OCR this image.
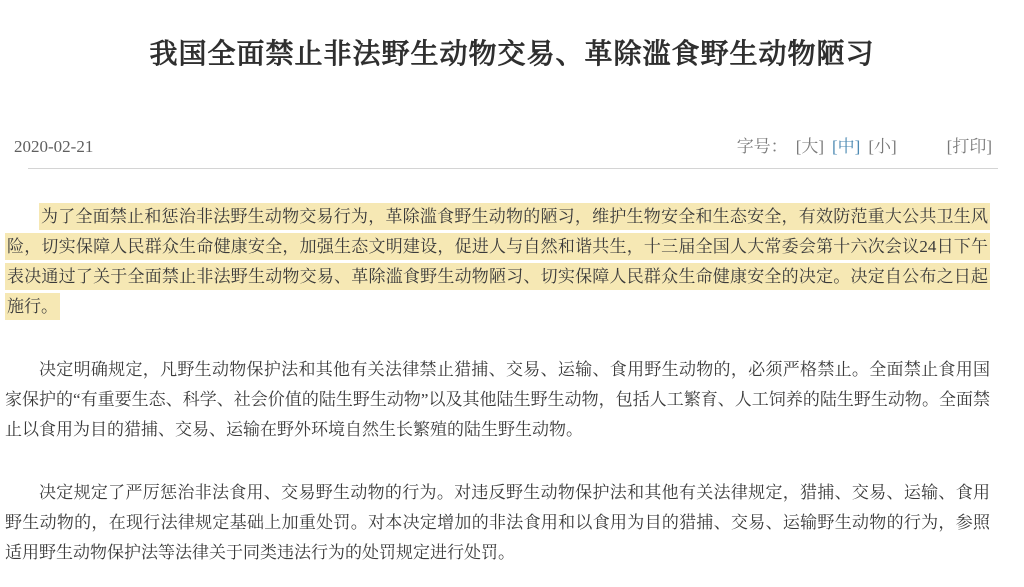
我国全面禁止非法野生动物交易、革除滥食野生动物陋习
2020-02-21	字号： [大] [中] [小]	[打印]

为了全面禁止和惩治非法野生动物交易行为，革除滥食野生动物的陋习，维护生物安全和生态安全，有效防范重大公共卫生风险，切实保障人民群众生命健康安全，加强生态文明建设，促进人与自然和谐共生，十三届全国人大常委会第十六次会议24日下午表决通过了关于全面禁止非法野生动物交易、革除滥食野生动物陋习、切实保障人民群众生命健康安全的决定。决定自公布之日起施行。

决定明确规定，凡野生动物保护法和其他有关法律禁止猎捕、交易、运输、食用野生动物的，必须严格禁止。全面禁止食用国家保护的“有重要生态、科学、社会价值的陆生野生动物”以及其他陆生野生动物，包括人工繁育、人工饲养的陆生野生动物。全面禁止以食用为目的猎捕、交易、运输在野外环境自然生长繁殖的陆生野生动物。

决定规定了严厉惩治非法食用、交易野生动物的行为。对违反野生动物保护法和其他有关法律规定，猎捕、交易、运输、食用野生动物的，在现行法律规定基础上加重处罚。对本决定增加的非法食用和以食用为目的猎捕、交易、运输野生动物的行为，参照适用野生动物保护法等法律关于同类违法行为的处罚规定进行处罚。
